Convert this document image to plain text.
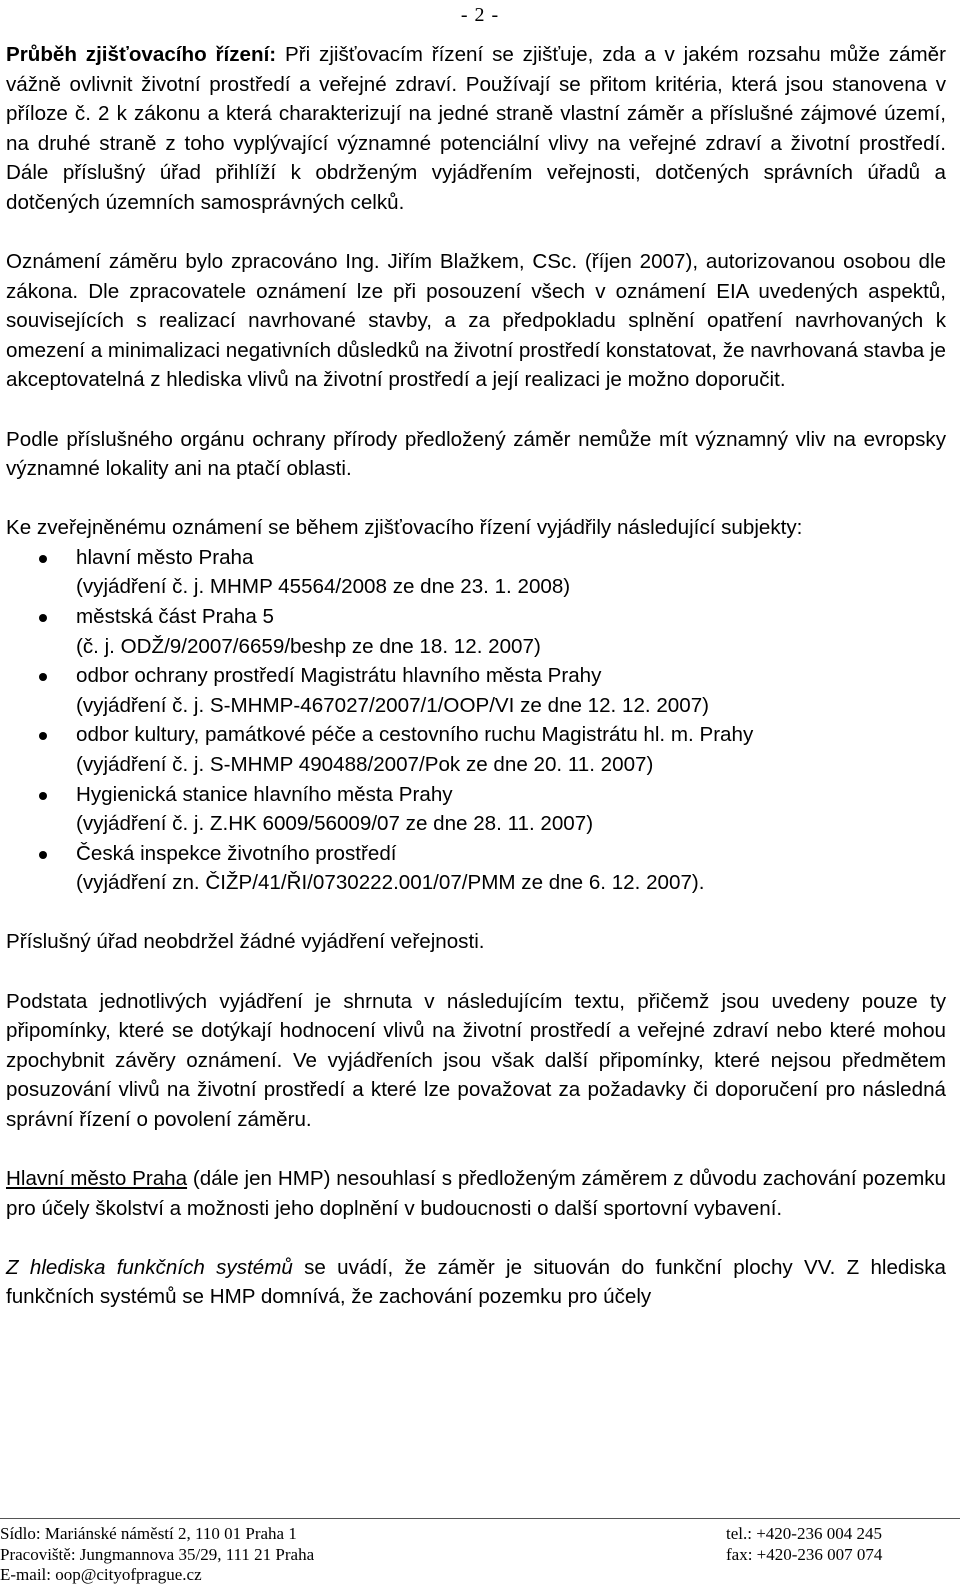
- 2 -

Průběh zjišťovacího řízení: Při zjišťovacím řízení se zjišťuje, zda a v jakém rozsahu může záměr vážně ovlivnit životní prostředí a veřejné zdraví. Používají se přitom kritéria, která jsou stanovena v příloze č. 2 k zákonu a která charakterizují na jedné straně vlastní záměr a příslušné zájmové území, na druhé straně z toho vyplývající významné potenciální vlivy na veřejné zdraví a životní prostředí. Dále příslušný úřad přihlíží k obdrženým vyjádřením veřejnosti, dotčených správních úřadů a dotčených územních samosprávných celků.

Oznámení záměru bylo zpracováno Ing. Jiřím Blažkem, CSc. (říjen 2007), autorizovanou osobou dle zákona. Dle zpracovatele oznámení lze při posouzení všech v oznámení EIA uvedených aspektů, souvisejících s realizací navrhované stavby, a za předpokladu splnění opatření navrhovaných k omezení a minimalizaci negativních důsledků na životní prostředí konstatovat, že navrhovaná stavba je akceptovatelná z hlediska vlivů na životní prostředí a její realizaci je možno doporučit.

Podle příslušného orgánu ochrany přírody předložený záměr nemůže mít významný vliv na evropsky významné lokality ani na ptačí oblasti.

Ke zveřejněnému oznámení se během zjišťovacího řízení vyjádřily následující subjekty:

hlavní město Praha
(vyjádření č. j. MHMP 45564/2008 ze dne 23. 1. 2008)
městská část Praha 5
(č. j. ODŽ/9/2007/6659/beshp ze dne 18. 12. 2007)
odbor ochrany prostředí Magistrátu hlavního města Prahy
(vyjádření č. j. S-MHMP-467027/2007/1/OOP/VI ze dne 12. 12. 2007)
odbor kultury, památkové péče a cestovního ruchu Magistrátu hl. m. Prahy
(vyjádření č. j. S-MHMP 490488/2007/Pok ze dne 20. 11. 2007)
Hygienická stanice hlavního města Prahy
(vyjádření č. j. Z.HK 6009/56009/07 ze dne 28. 11. 2007)
Česká inspekce životního prostředí
(vyjádření zn. ČIŽP/41/ŘI/0730222.001/07/PMM ze dne 6. 12. 2007).

Příslušný úřad neobdržel žádné vyjádření veřejnosti.

Podstata jednotlivých vyjádření je shrnuta v následujícím textu, přičemž jsou uvedeny pouze ty připomínky, které se dotýkají hodnocení vlivů na životní prostředí a veřejné zdraví nebo které mohou zpochybnit závěry oznámení. Ve vyjádřeních jsou však další připomínky, které nejsou předmětem posuzování vlivů na životní prostředí a které lze považovat za požadavky či doporučení pro následná správní řízení o povolení záměru.

Hlavní město Praha (dále jen HMP) nesouhlasí s předloženým záměrem z důvodu zachování pozemku pro účely školství a možnosti jeho doplnění v budoucnosti o další sportovní vybavení.

Z hlediska funkčních systémů se uvádí, že záměr je situován do funkční plochy VV. Z hlediska funkčních systémů se HMP domnívá, že zachování pozemku pro účely

Sídlo: Mariánské náměstí 2, 110 01 Praha 1
Pracoviště: Jungmannova 35/29, 111 21 Praha
E-mail: oop@cityofprague.cz
tel.: +420-236 004 245
fax: +420-236 007 074
